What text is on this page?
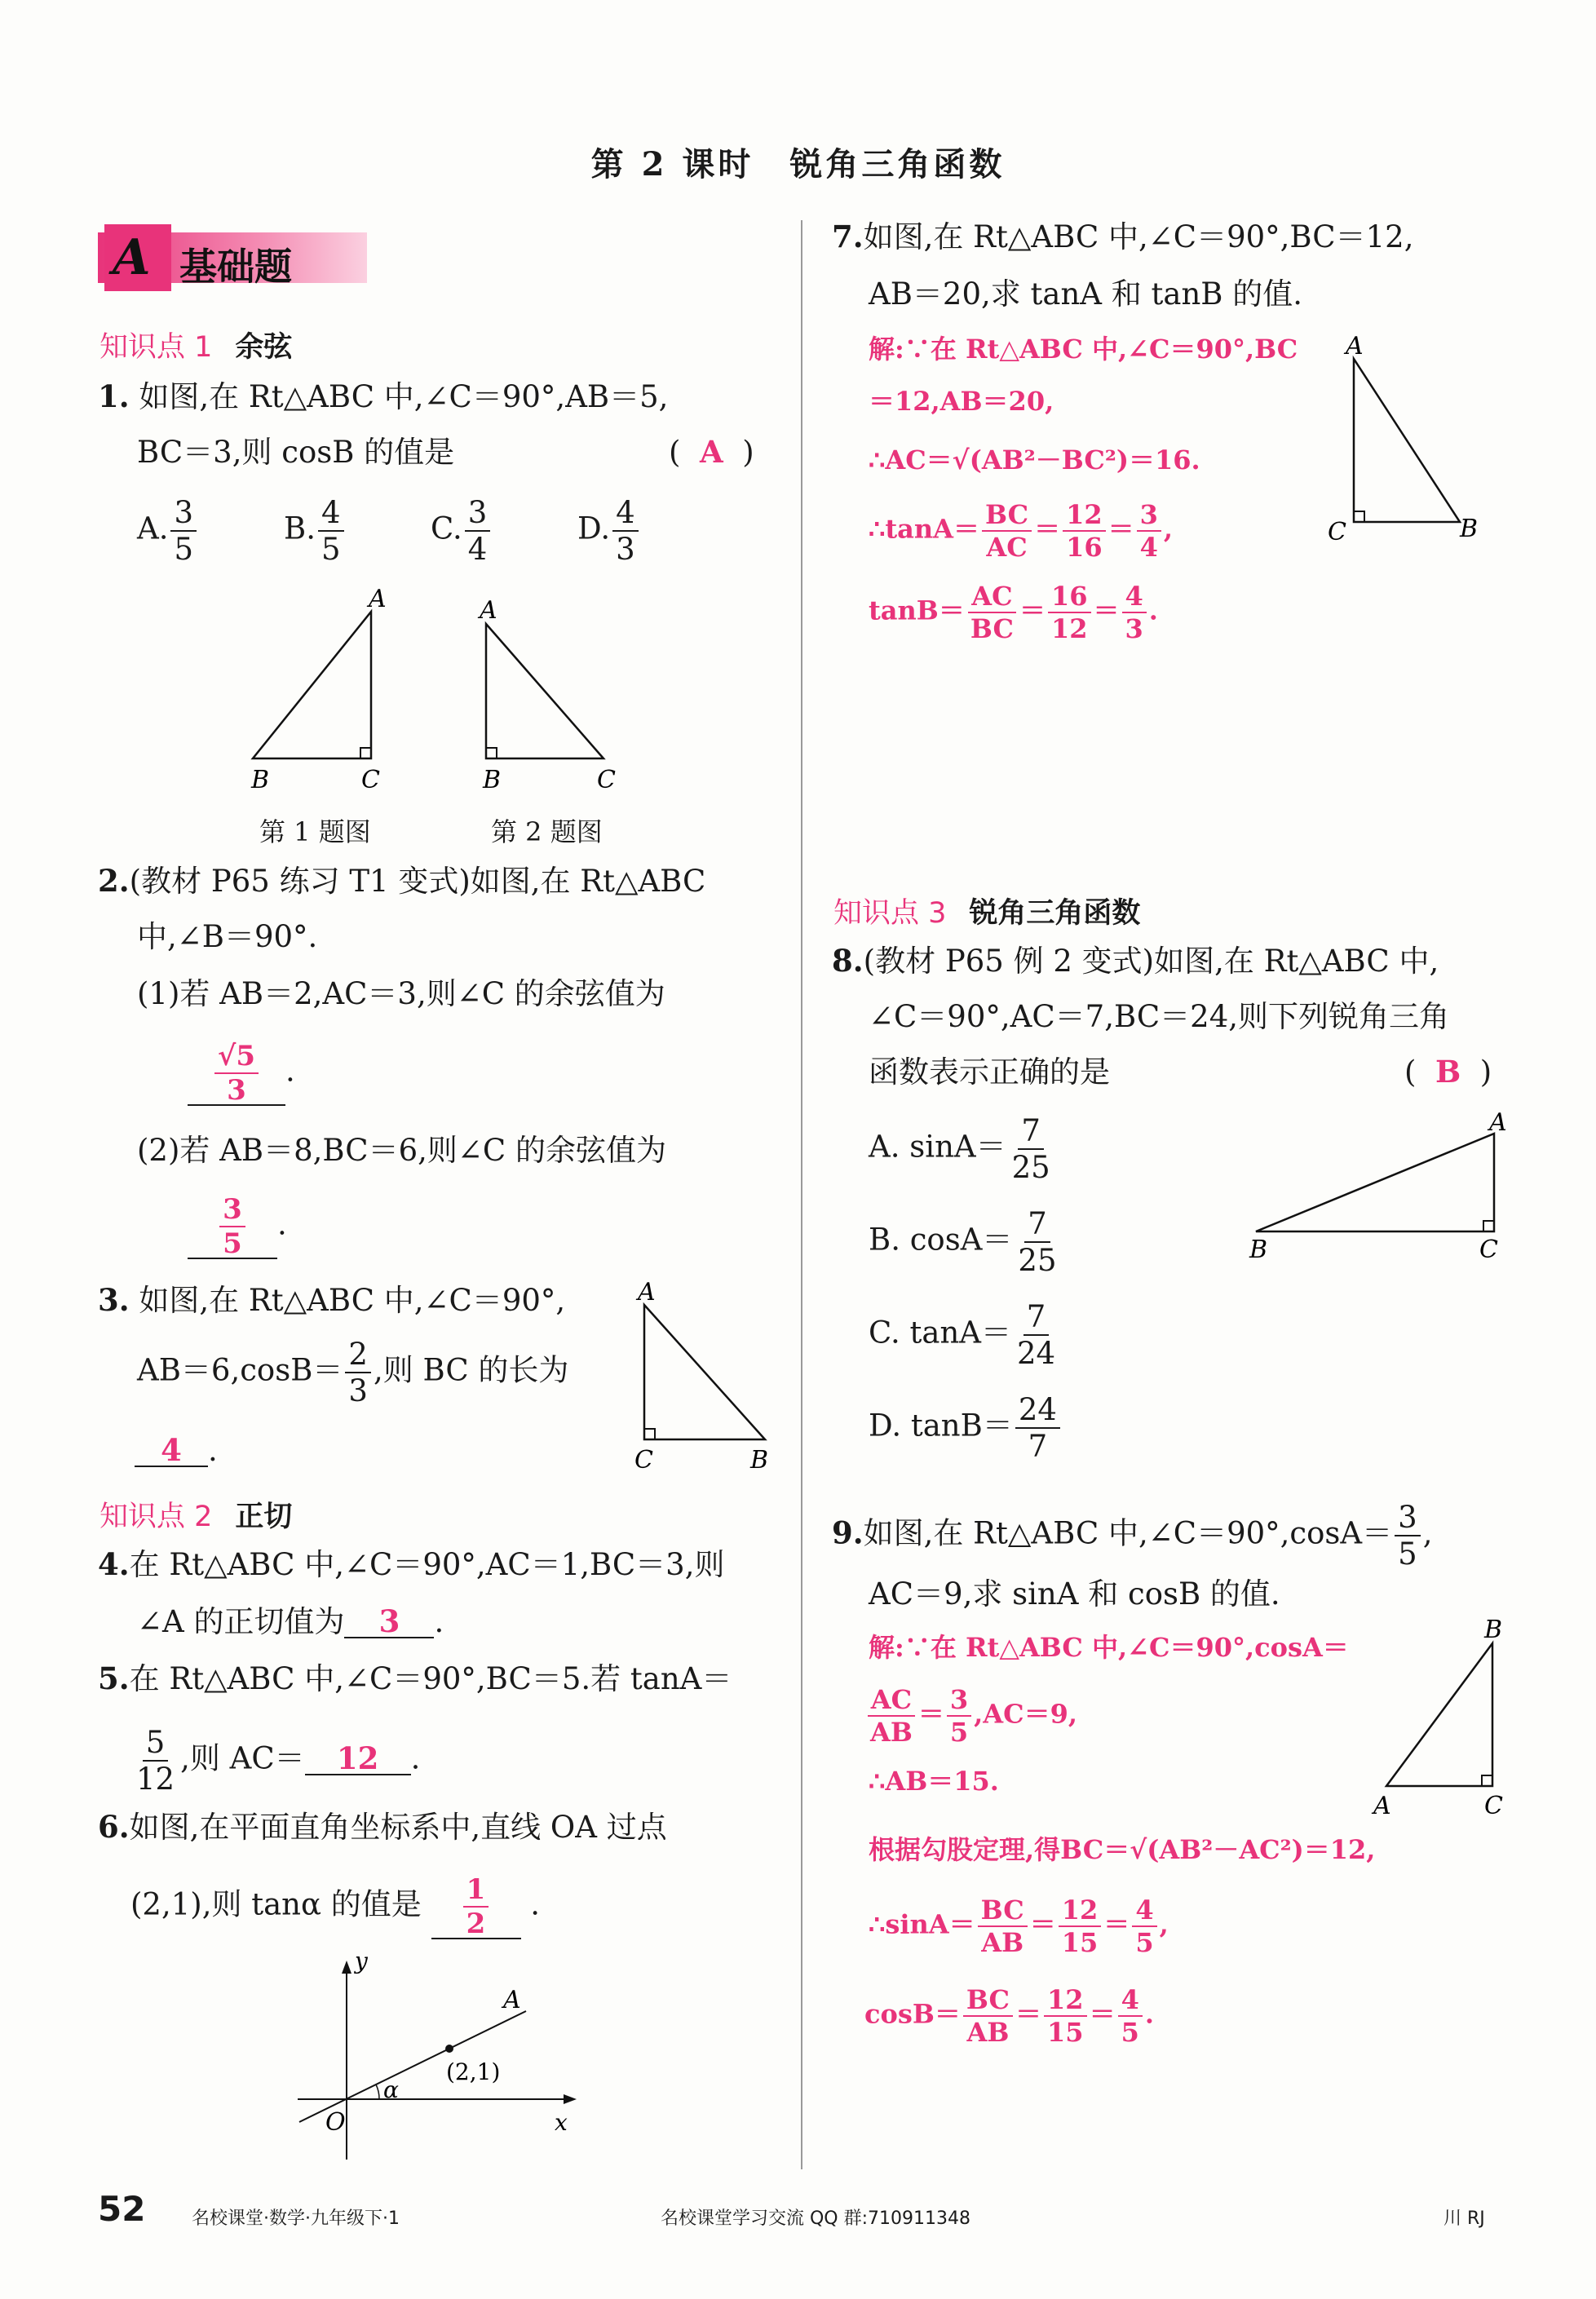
第 2 课时　锐角三角函数
A 基础题
知识点 1 余弦
1. 如图,在 Rt△ABC 中,∠C＝90°,AB＝5,
BC＝3,则 cosB 的值是	(  A  )
A. $\frac{3}{5}$	B. $\frac{4}{5}$	C. $\frac{3}{4}$	D. $\frac{4}{3}$
A
B	C
A
B	C
第 1 题图	第 2 题图
2.(教材 P65 练习 T1 变式)如图,在 Rt△ABC
中,∠B＝90°.
(1)若 AB＝2,AC＝3,则∠C 的余弦值为
$\frac{√5}{3}$ .
(2)若 AB＝8,BC＝6,则∠C 的余弦值为
$\frac{3}{5}$ .
3. 如图,在 Rt△ABC 中,∠C＝90°,
$AB=6,\cos B= \frac{2}{3}$ ,则 BC 的长为
4 .
A
C	B
知识点 2 正切
4.在 Rt△ABC 中,∠C＝90°,AC＝1,BC＝3,则
∠A 的正切值为 3 .
5.在 Rt△ABC 中,∠C＝90°,BC＝5.若 tanA＝
$\frac{5}{12}$ ,则 AC＝ 12 .
6.如图,在平面直角坐标系中,直线 OA 过点
(2,1),则 tanα 的值是 $\frac{1}{2}$ .
y
x
O
A
α
(2,1)
7.如图,在 Rt△ABC 中,∠C＝90°,BC＝12,
AB＝20,求 tanA 和 tanB 的值.
解:∵在 Rt△ABC 中,∠C＝90°,BC
＝12,AB＝20,
∴AC＝√(AB²－BC²)＝16.
∴tanA＝ $\frac{BC}{AC} = \frac{12}{16} = \frac{3}{4}$ ,
$\tan B= \frac{AC}{BC} = \frac{16}{12} = \frac{4}{3}$ .
A
C	B
知识点 3 锐角三角函数
8.(教材 P65 例 2 变式)如图,在 Rt△ABC 中,
∠C＝90°,AC＝7,BC＝24,则下列锐角三角
函数表示正确的是	(  B  )
A. $\sin A= \frac{7}{25}$
B. $\cos A= \frac{7}{25}$
C. $\tan A= \frac{7}{24}$
D. $\tan B= \frac{24}{7}$
A
B	C
9.如图,在 Rt△ABC 中,∠C＝90°,cosA＝ $\frac{3}{5}$ ,
AC＝9,求 sinA 和 cosB 的值.
解:∵在 Rt△ABC 中,∠C＝90°,cosA＝
$\frac{AC}{AB} = \frac{3}{5} ,AC=9$,
∴AB＝15.
根据勾股定理,得BC＝√(AB²－AC²)＝12,
∴sinA＝ $\frac{BC}{AB} = \frac{12}{15} = \frac{4}{5}$ ,
$\cos B= \frac{BC}{AB} = \frac{12}{15} = \frac{4}{5}$ .
B
A	C
52	名校课堂·数学·九年级下·1	名校课堂学习交流 QQ 群:710911348	川 RJ
